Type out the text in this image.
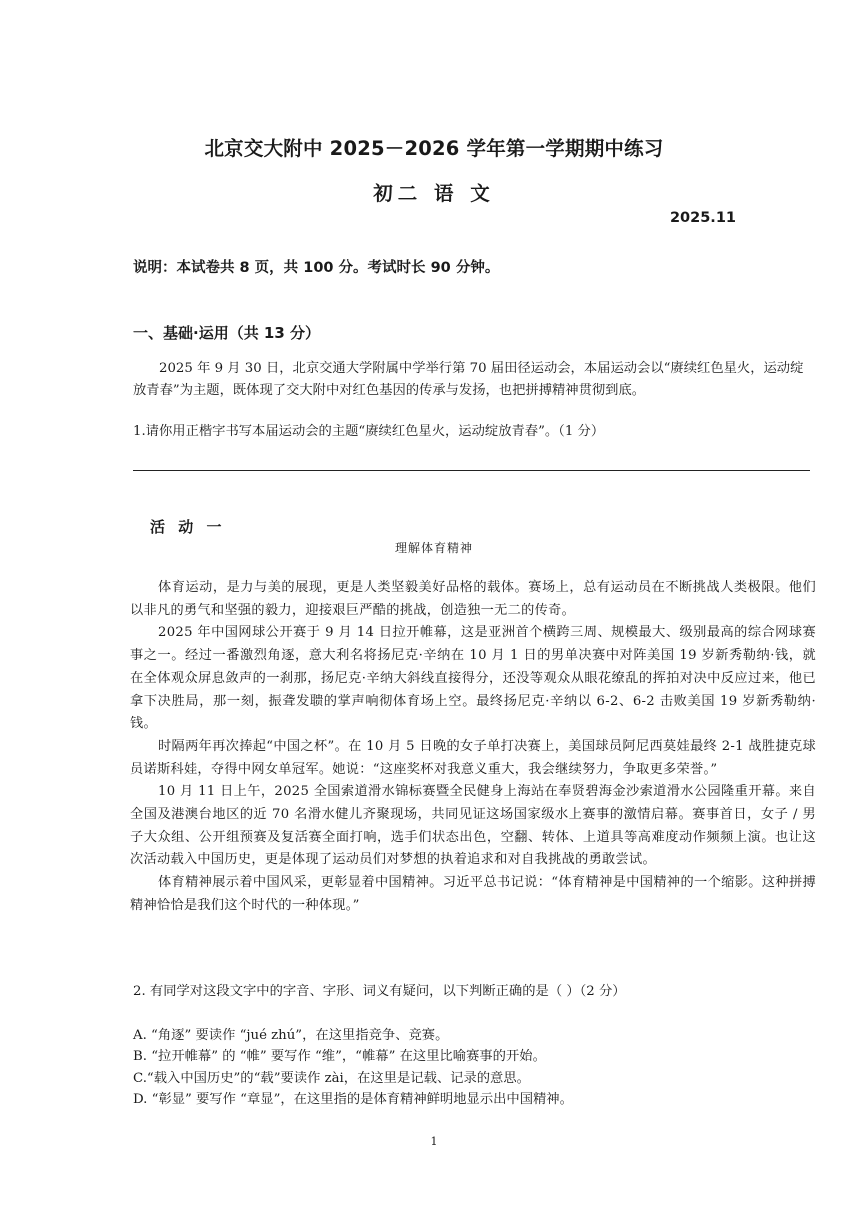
北京交大附中 2025－2026 学年第一学期期中练习
初二 语 文
2025.11
说明：本试卷共 8 页，共 100 分。考试时长 90 分钟。
一、基础·运用（共 13 分）
2025 年 9 月 30 日，北京交通大学附属中学举行第 70 届田径运动会，本届运动会以“赓续红色星火，运动绽放青春”为主题，既体现了交大附中对红色基因的传承与发扬，也把拼搏精神贯彻到底。
1.请你用正楷字书写本届运动会的主题“赓续红色星火，运动绽放青春”。（1 分）
活 动 一
理解体育精神

体育运动，是力与美的展现，更是人类坚毅美好品格的载体。赛场上，总有运动员在不断挑战人类极限。他们以非凡的勇气和坚强的毅力，迎接艰巨严酷的挑战，创造独一无二的传奇。

2025 年中国网球公开赛于 9 月 14 日拉开帷幕，这是亚洲首个横跨三周、规模最大、级别最高的综合网球赛事之一。经过一番激烈角逐，意大利名将扬尼克·辛纳在 10 月 1 日的男单决赛中对阵美国 19 岁新秀勒纳·钱，就在全体观众屏息敛声的一刹那，扬尼克·辛纳大斜线直接得分，还没等观众从眼花缭乱的挥拍对决中反应过来，他已拿下决胜局，那一刻，振聋发聩的掌声响彻体育场上空。最终扬尼克·辛纳以 6-2、6-2 击败美国 19 岁新秀勒纳·钱。

时隔两年再次捧起“中国之杯”。在 10 月 5 日晚的女子单打决赛上，美国球员阿尼西莫娃最终 2-1 战胜捷克球员诺斯科娃，夺得中网女单冠军。她说：“这座奖杯对我意义重大，我会继续努力，争取更多荣誉。”

10 月 11 日上午，2025 全国索道滑水锦标赛暨全民健身上海站在奉贤碧海金沙索道滑水公园隆重开幕。来自全国及港澳台地区的近 70 名滑水健儿齐聚现场，共同见证这场国家级水上赛事的激情启幕。赛事首日，女子 / 男子大众组、公开组预赛及复活赛全面打响，选手们状态出色，空翻、转体、上道具等高难度动作频频上演。也让这次活动载入中国历史，更是体现了运动员们对梦想的执着追求和对自我挑战的勇敢尝试。

体育精神展示着中国风采，更彰显着中国精神。习近平总书记说：“体育精神是中国精神的一个缩影。这种拼搏精神恰恰是我们这个时代的一种体现。”

2. 有同学对这段文字中的字音、字形、词义有疑问，以下判断正确的是（ ）（2 分）
A. “角逐” 要读作 “jué zhú”，在这里指竞争、竞赛。
B. “拉开帷幕” 的 “帷” 要写作 “维”，“帷幕” 在这里比喻赛事的开始。
C.“载入中国历史”的“载”要读作 zài，在这里是记载、记录的意思。
D. “彰显” 要写作 “章显”，在这里指的是体育精神鲜明地显示出中国精神。
1
